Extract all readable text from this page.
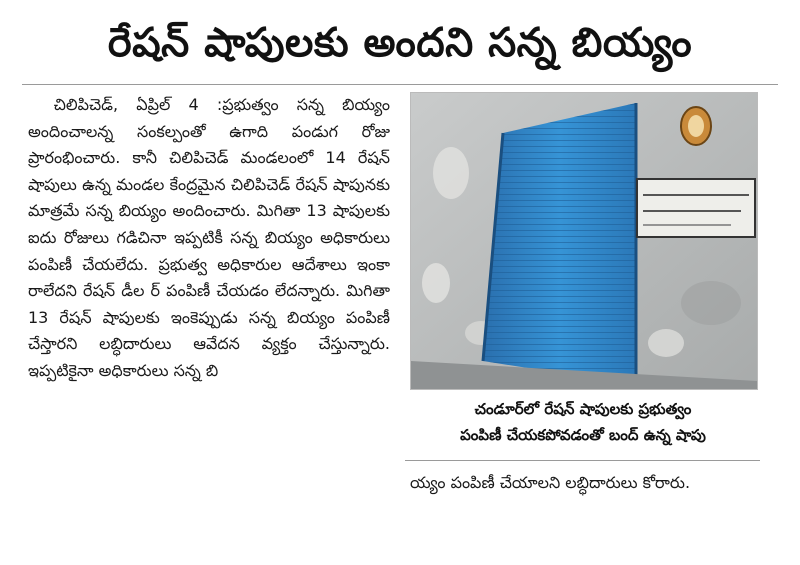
రేషన్ షాపులకు అందని సన్న బియ్యం

చిలిపిచెడ్, ఏప్రిల్ 4 :ప్రభుత్వం సన్న బియ్యం అందించాలన్న సంకల్పంతో ఉగాది పండుగ రోజు ప్రారంభించారు. కానీ చిలిపిచెడ్ మండలంలో 14 రేషన్ షాపులు ఉన్న మండల కేంద్రమైన చిలిపిచెడ్ రేషన్ షాపునకు మాత్రమే సన్న బియ్యం అందించారు. మిగితా 13 షాపులకు ఐదు రోజులు గడిచినా ఇప్పటికీ సన్న బియ్యం అధికారులు పంపిణీ చేయలేదు. ప్రభుత్వ అధికారుల ఆదేశాలు ఇంకా రాలేదని రేషన్ డీల ర్ పంపిణీ చేయడం లేదన్నారు. మిగితా 13 రేషన్ షాపులకు ఇంకెప్పుడు సన్న బియ్యం పంపిణీ చేస్తారని లబ్ధిదారులు ఆవేదన వ్యక్తం చేస్తున్నారు. ఇప్పటికైనా అధికారులు సన్న బి

చండూర్‌లో రేషన్ షాపులకు ప్రభుత్వం
పంపిణీ చేయకపోవడంతో బంద్ ఉన్న షాపు
య్యం పంపిణీ చేయాలని లబ్ధిదారులు కోరారు.
